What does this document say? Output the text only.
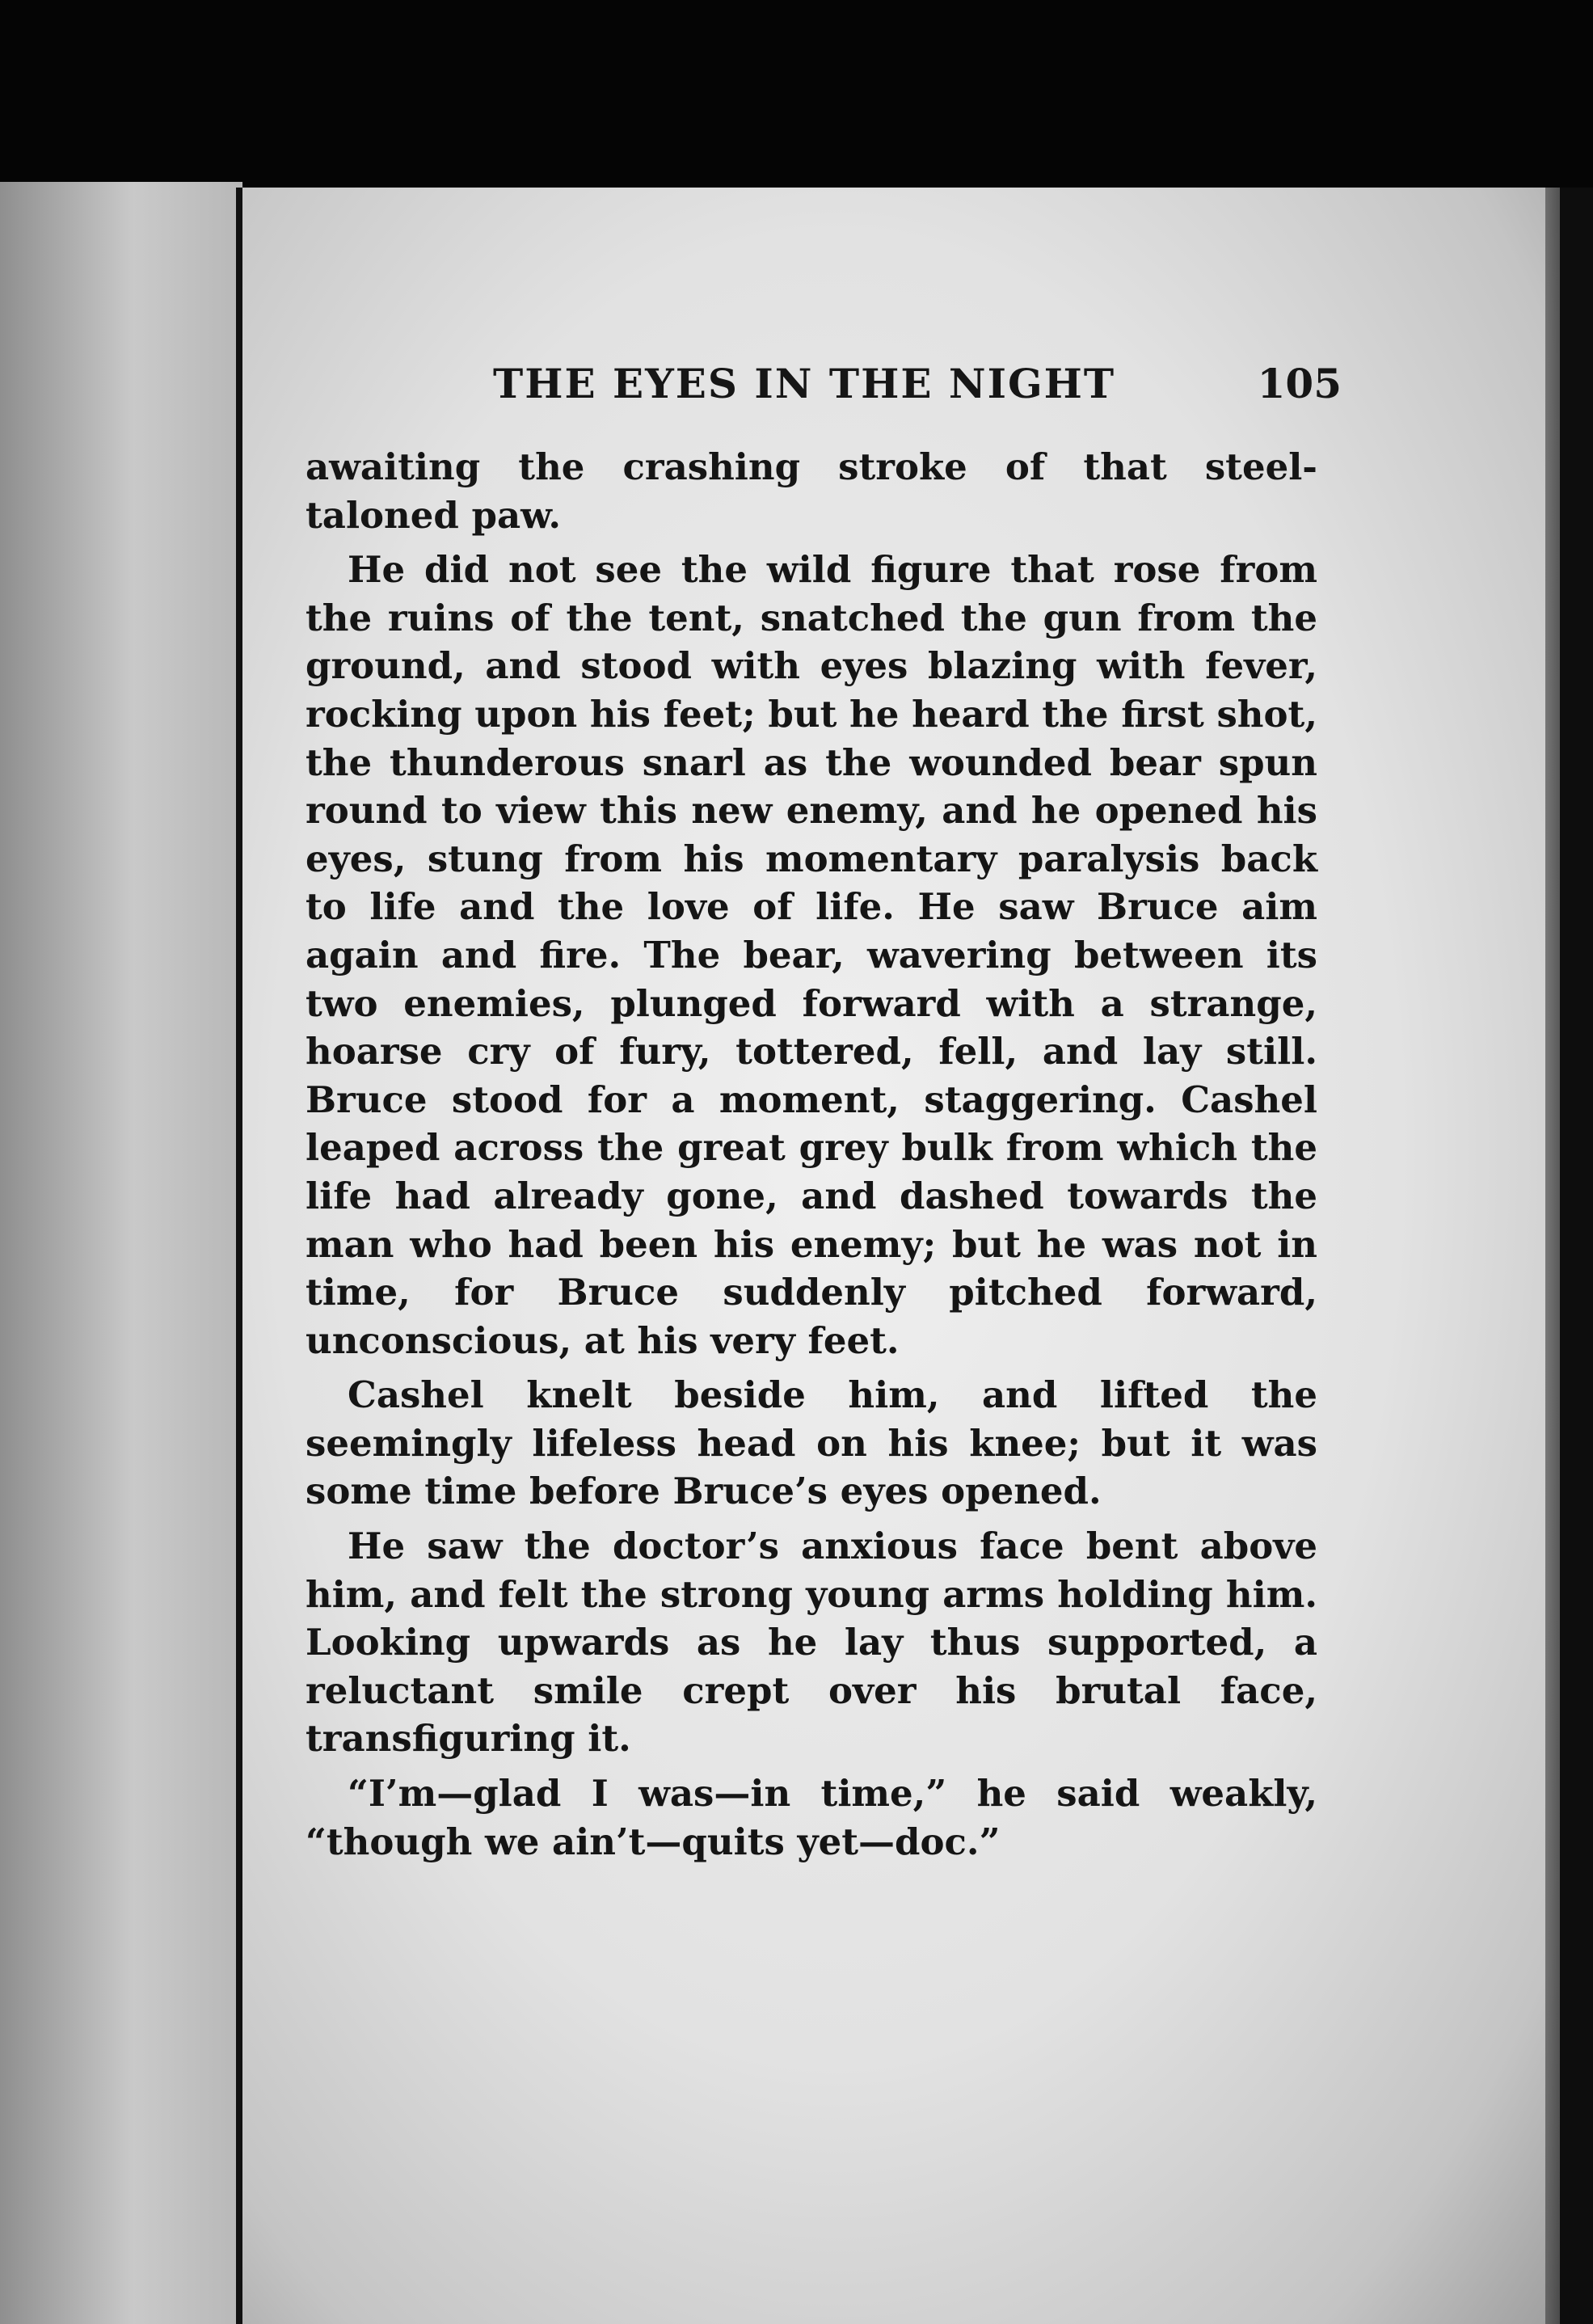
THE EYES IN THE NIGHT	105

awaiting the crashing stroke of that steel-taloned paw.

He did not see the wild figure that rose from the ruins of the tent, snatched the gun from the ground, and stood with eyes blazing with fever, rocking upon his feet; but he heard the first shot, the thunderous snarl as the wounded bear spun round to view this new enemy, and he opened his eyes, stung from his momentary paralysis back to life and the love of life. He saw Bruce aim again and fire. The bear, wavering between its two enemies, plunged forward with a strange, hoarse cry of fury, tottered, fell, and lay still. Bruce stood for a moment, staggering. Cashel leaped across the great grey bulk from which the life had already gone, and dashed towards the man who had been his enemy; but he was not in time, for Bruce suddenly pitched forward, unconscious, at his very feet.

Cashel knelt beside him, and lifted the seemingly lifeless head on his knee; but it was some time before Bruce’s eyes opened.

He saw the doctor’s anxious face bent above him, and felt the strong young arms holding him. Looking upwards as he lay thus supported, a reluctant smile crept over his brutal face, transfiguring it.

“I’m—glad I was—in time,” he said weakly, “though we ain’t—quits yet—doc.”
